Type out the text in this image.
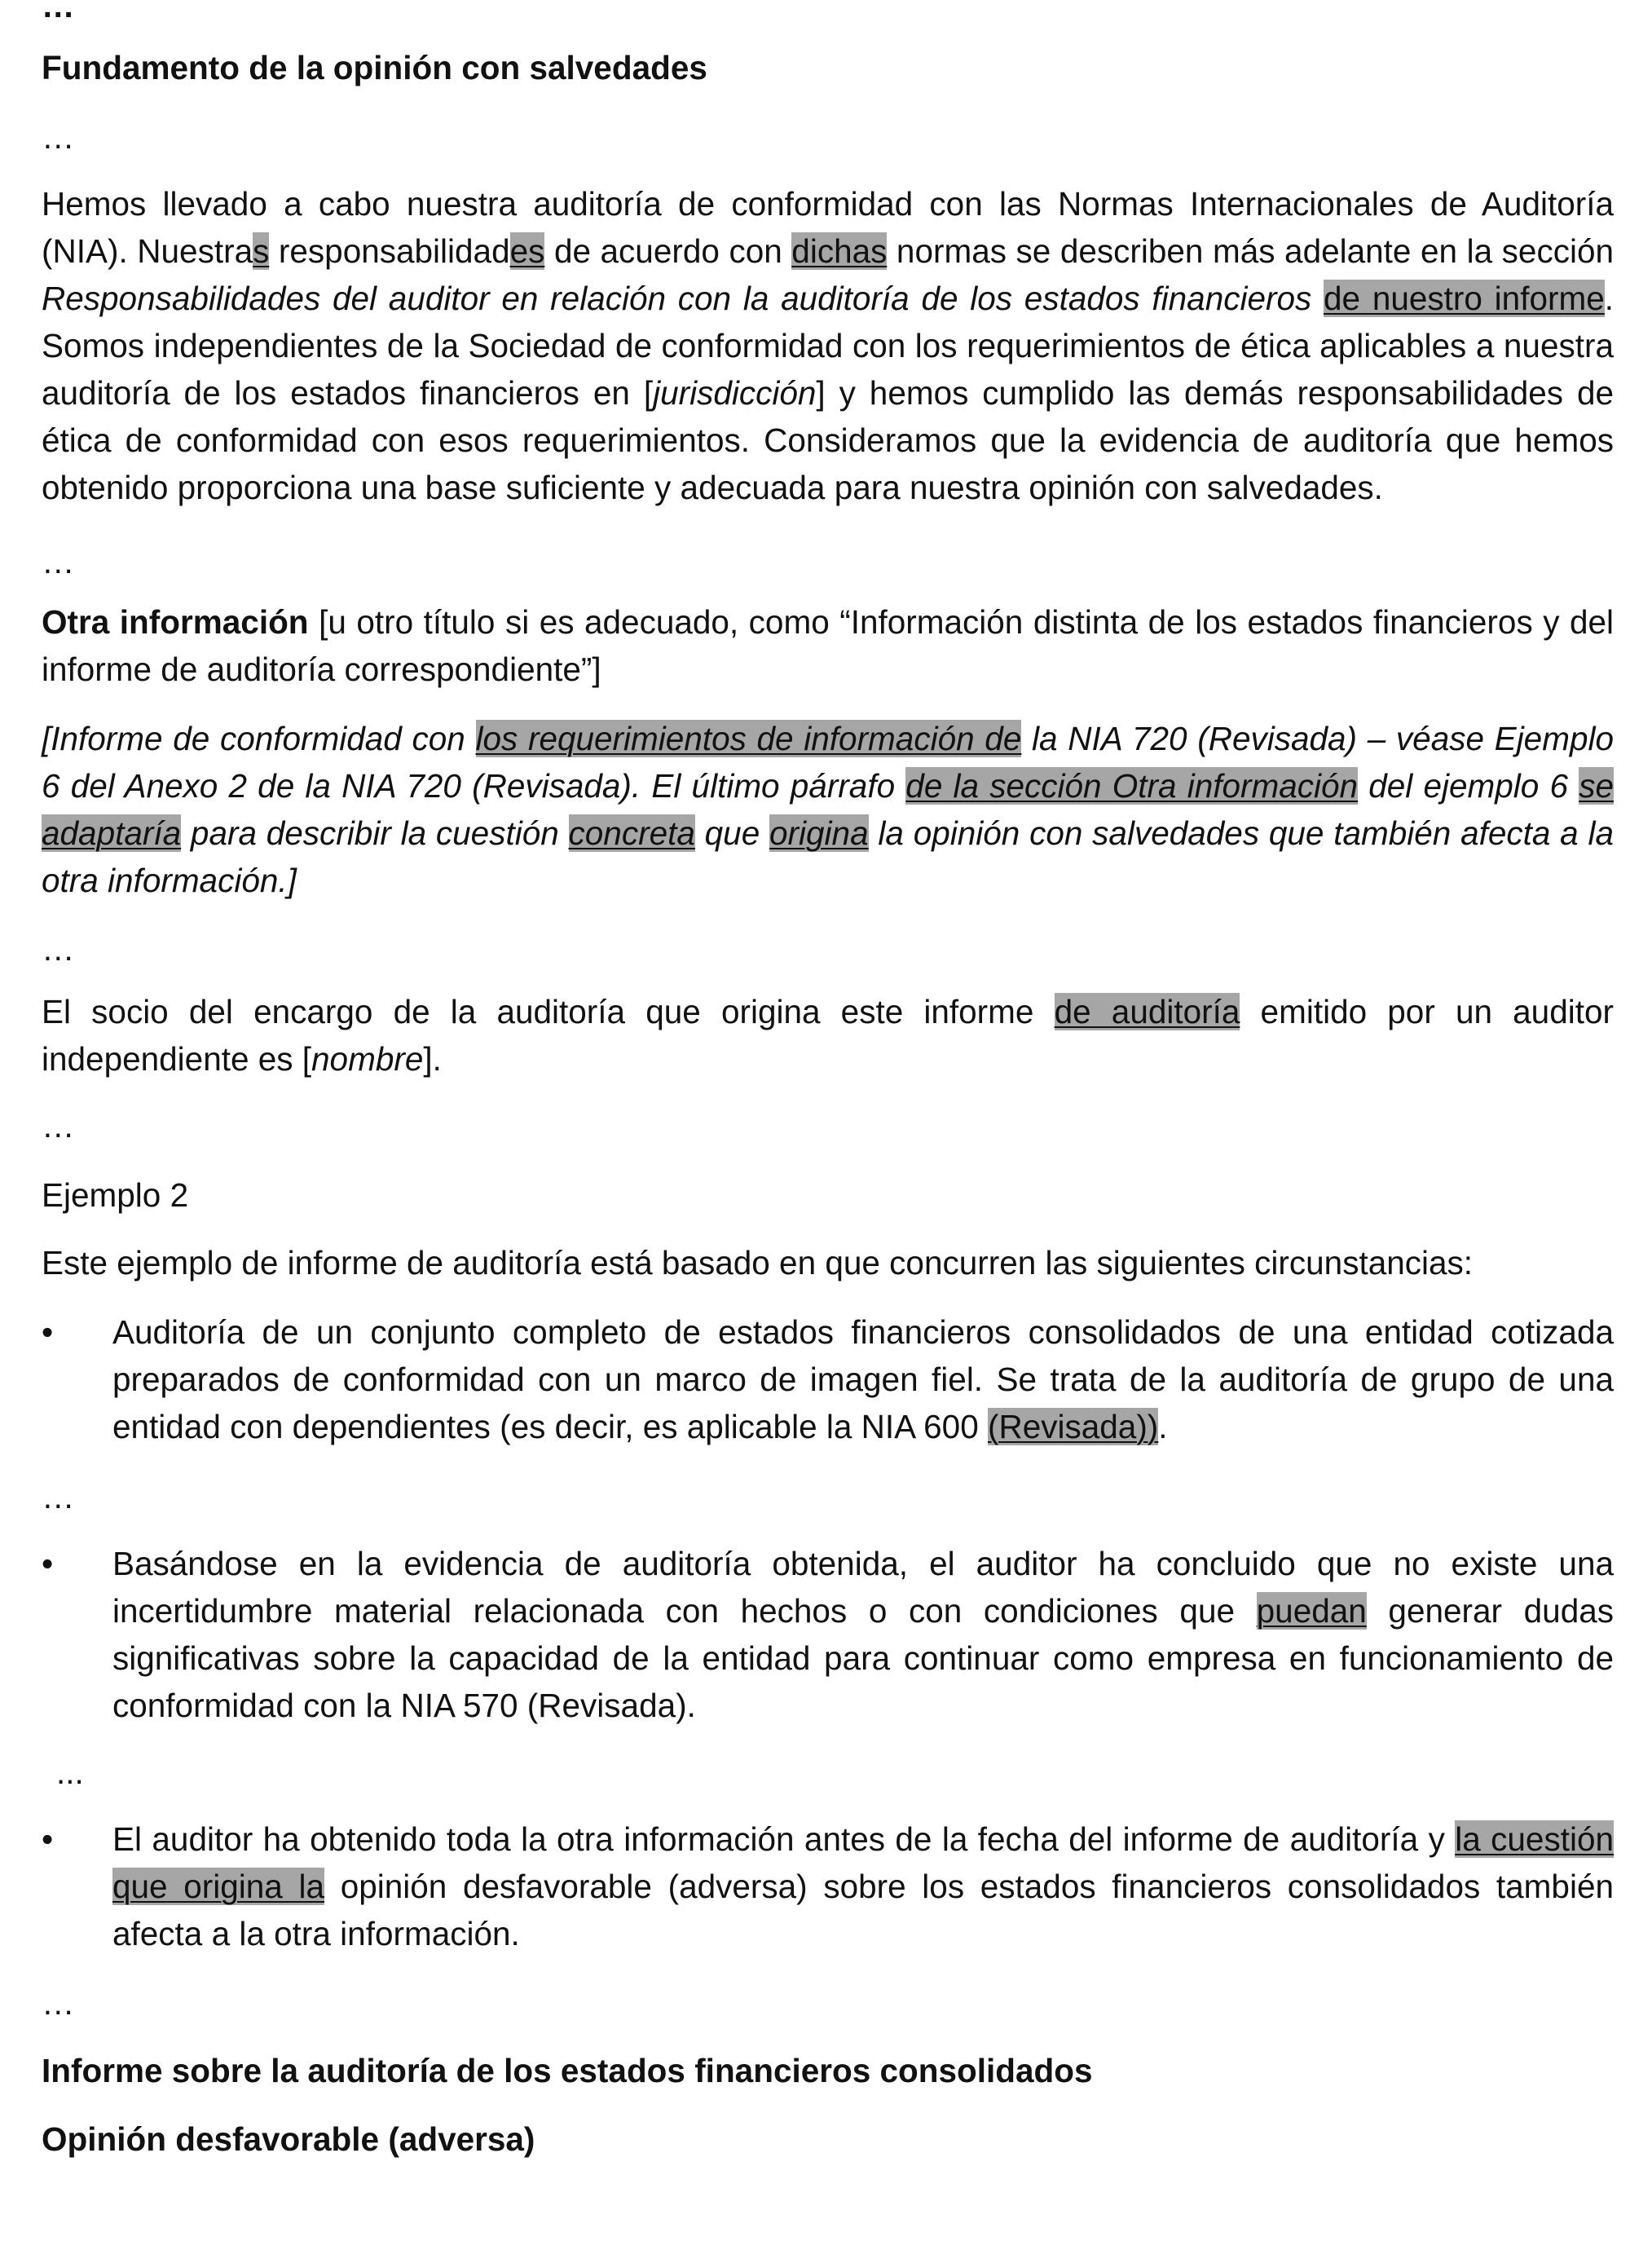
…
Fundamento de la opinión con salvedades
…
Hemos llevado a cabo nuestra auditoría de conformidad con las Normas Internacionales de Auditoría (NIA). Nuestras responsabilidades de acuerdo con dichas normas se describen más adelante en la sección Responsabilidades del auditor en relación con la auditoría de los estados financieros de nuestro informe. Somos independientes de la Sociedad de conformidad con los requerimientos de ética aplicables a nuestra auditoría de los estados financieros en [jurisdicción] y hemos cumplido las demás responsabilidades de ética de conformidad con esos requerimientos. Consideramos que la evidencia de auditoría que hemos obtenido proporciona una base suficiente y adecuada para nuestra opinión con salvedades.
…
Otra información [u otro título si es adecuado, como “Información distinta de los estados financieros y del informe de auditoría correspondiente”]
[Informe de conformidad con los requerimientos de información de la NIA 720 (Revisada) – véase Ejemplo 6 del Anexo 2 de la NIA 720 (Revisada). El último párrafo de la sección Otra información del ejemplo 6 se adaptaría para describir la cuestión concreta que origina la opinión con salvedades que también afecta a la otra información.]
…
El socio del encargo de la auditoría que origina este informe de auditoría emitido por un auditor independiente es [nombre].
…
Ejemplo 2
Este ejemplo de informe de auditoría está basado en que concurren las siguientes circunstancias:
• Auditoría de un conjunto completo de estados financieros consolidados de una entidad cotizada preparados de conformidad con un marco de imagen fiel. Se trata de la auditoría de grupo de una entidad con dependientes (es decir, es aplicable la NIA 600 (Revisada)).
…
• Basándose en la evidencia de auditoría obtenida, el auditor ha concluido que no existe una incertidumbre material relacionada con hechos o con condiciones que puedan generar dudas significativas sobre la capacidad de la entidad para continuar como empresa en funcionamiento de conformidad con la NIA 570 (Revisada).
...
• El auditor ha obtenido toda la otra información antes de la fecha del informe de auditoría y la cuestión que origina la opinión desfavorable (adversa) sobre los estados financieros consolidados también afecta a la otra información.
…
Informe sobre la auditoría de los estados financieros consolidados
Opinión desfavorable (adversa)
